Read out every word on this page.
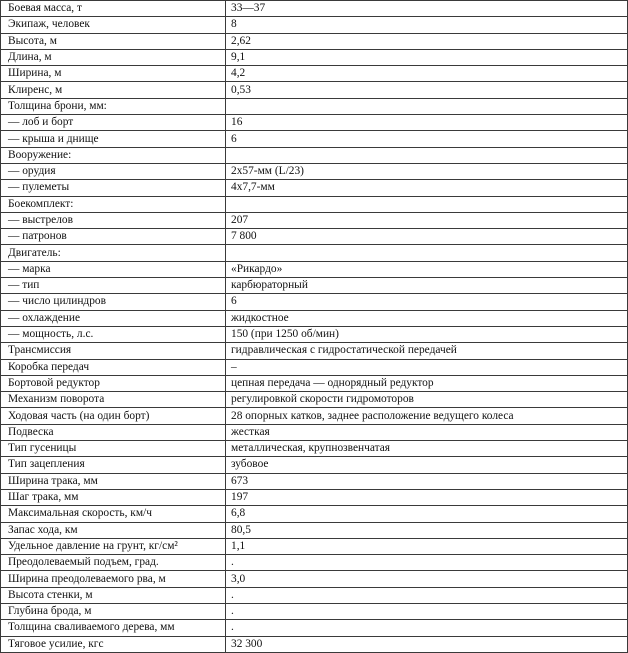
Боевая масса, т	33—37
Экипаж, человек	8
Высота, м	2,62
Длина, м	9,1
Ширина, м	4,2
Клиренс, м	0,53
Толщина брони, мм:	
— лоб и борт	16
— крыша и днище	6
Вооружение:	
— орудия	2x57-мм (L/23)
— пулеметы	4x7,7-мм
Боекомплект:	
— выстрелов	207
— патронов	7 800
Двигатель:	
— марка	«Рикардо»
— тип	карбюраторный
— число цилиндров	6
— охлаждение	жидкостное
— мощность, л.с.	150 (при 1250 об/мин)
Трансмиссия	гидравлическая с гидростатической передачей
Коробка передач	–
Бортовой редуктор	цепная передача — однорядный редуктор
Механизм поворота	регулировкой скорости гидромоторов
Ходовая часть (на один борт)	28 опорных катков, заднее расположение ведущего колеса
Подвеска	жесткая
Тип гусеницы	металлическая, крупнозвенчатая
Тип зацепления	зубовое
Ширина трака, мм	673
Шаг трака, мм	197
Максимальная скорость, км/ч	6,8
Запас хода, км	80,5
Удельное давление на грунт, кг/см²	1,1
Преодолеваемый подъем, град.	.
Ширина преодолеваемого рва, м	3,0
Высота стенки, м	.
Глубина брода, м	.
Толщина сваливаемого дерева, мм	.
Тяговое усилие, кгс	32 300
